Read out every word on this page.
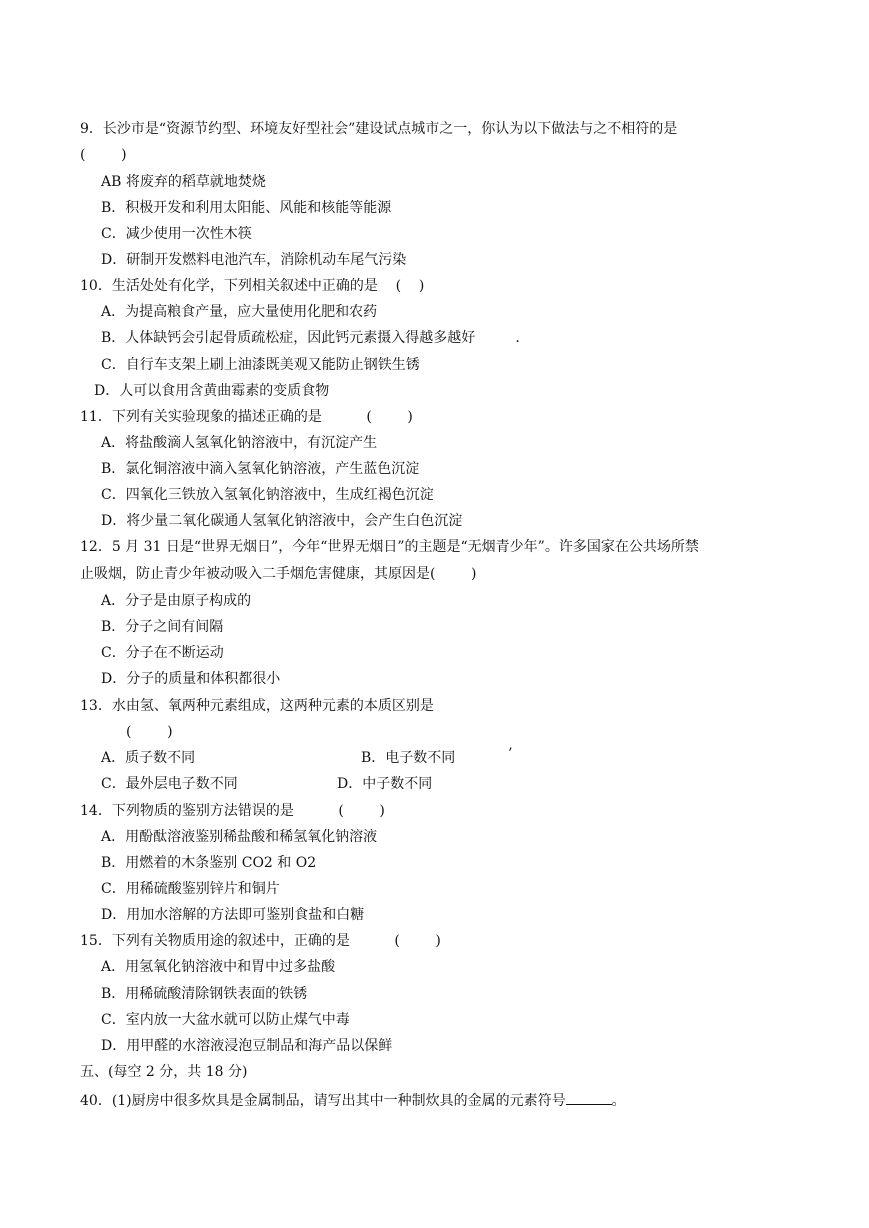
9．长沙市是“资源节约型、环境友好型社会”建设试点城市之一，你认为以下做法与之不相符的是
(        )
AB 将废弃的稻草就地焚烧
B．积极开发和利用太阳能、风能和核能等能源
C．减少使用一次性木筷
D．研制开发燃料电池汽车，消除机动车尾气污染
10．生活处处有化学，下列相关叙述中正确的是    (    )
A．为提高粮食产量，应大量使用化肥和农药
B．人体缺钙会引起骨质疏松症，因此钙元素摄入得越多越好         .
C．自行车支架上刷上油漆既美观又能防止钢铁生锈
D．人可以食用含黄曲霉素的变质食物
11．下列有关实验现象的描述正确的是          (        )
A．将盐酸滴人氢氧化钠溶液中，有沉淀产生
B．氯化铜溶液中滴入氢氧化钠溶液，产生蓝色沉淀
C．四氧化三铁放入氢氧化钠溶液中，生成红褐色沉淀
D．将少量二氧化碳通人氢氧化钠溶液中，会产生白色沉淀
12．5 月 31 日是“世界无烟日”，今年“世界无烟日”的主题是“无烟青少年”。许多国家在公共场所禁
止吸烟，防止青少年被动吸入二手烟危害健康，其原因是(        )
A．分子是由原子构成的
B．分子之间有间隔
C．分子在不断运动
D．分子的质量和体积都很小
13．水由氢、氧两种元素组成，这两种元素的本质区别是
(        )
A．质子数不同	B．电子数不同	’
C．最外层电子数不同	D．中子数不同
14．下列物质的鉴别方法错误的是          (        )
A．用酚酞溶液鉴别稀盐酸和稀氢氧化钠溶液
B．用燃着的木条鉴别 CO2 和 O2
C．用稀硫酸鉴别锌片和铜片
D．用加水溶解的方法即可鉴别食盐和白糖
15．下列有关物质用途的叙述中，正确的是          (        )
A．用氢氧化钠溶液中和胃中过多盐酸
B．用稀硫酸清除钢铁表面的铁锈
C．室内放一大盆水就可以防止煤气中毒
D．用甲醛的水溶液浸泡豆制品和海产品以保鲜
五、(每空 2 分，共 18 分)
40．(1)厨房中很多炊具是金属制品，请写出其中一种制炊具的金属的元素符号	。
